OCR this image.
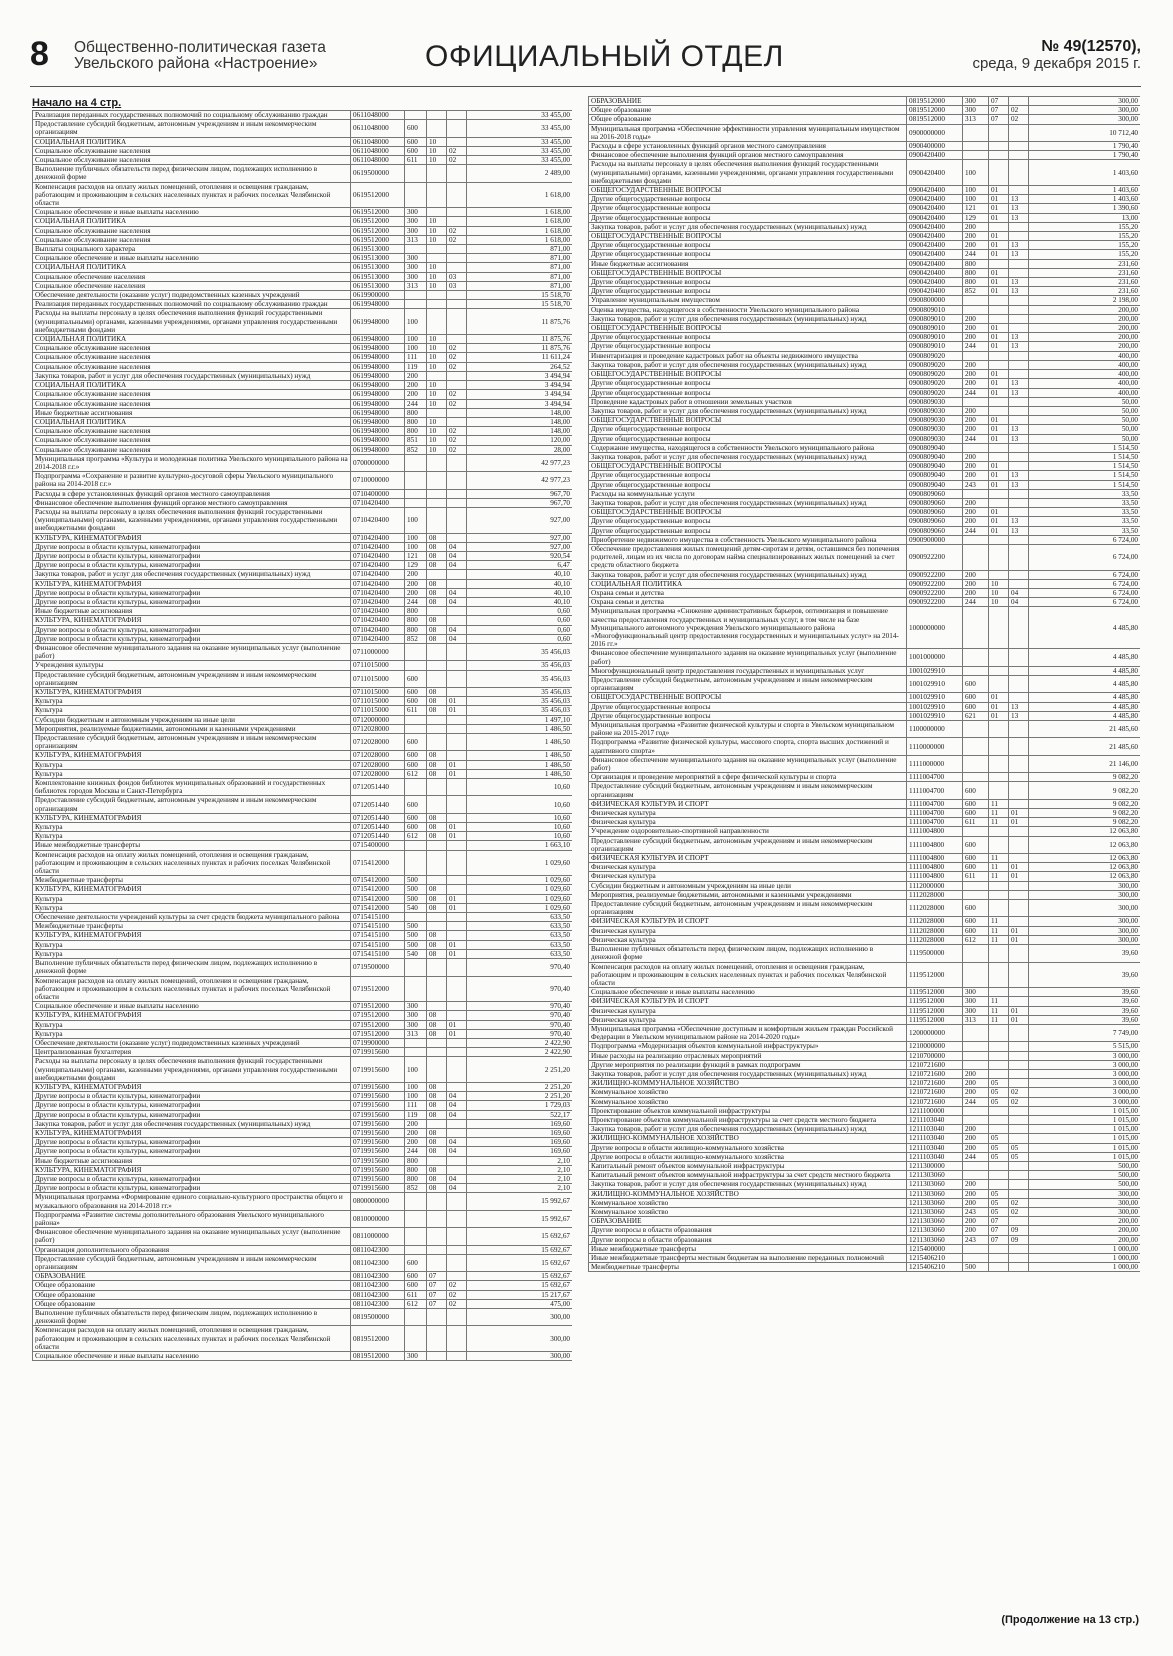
8 Общественно-политическая газета
Увельского района «Настроение»	ОФИЦИАЛЬНЫЙ ОТДЕЛ	№ 49(12570),
среда, 9 декабря 2015 г.
Начало на 4 стр.
Реализация переданных государственных полномочий по социальному обслуживанию граждан	0611048000				33 455,00
Предоставление субсидий бюджетным, автономным учреждениям и иным некоммерческим организациям	0611048000	600			33 455,00
СОЦИАЛЬНАЯ ПОЛИТИКА	0611048000	600	10		33 455,00
Социальное обслуживание населения	0611048000	600	10	02	33 455,00
Социальное обслуживание населения	0611048000	611	10	02	33 455,00
Выполнение публичных обязательств перед физическим лицом, подлежащих исполнению в денежной форме	0619500000				2 489,00
Компенсация расходов на оплату жилых помещений, отопления и освещения гражданам, работающим и проживающим в сельских населенных пунктах и рабочих поселках Челябинской области	0619512000				1 618,00
Социальное обеспечение и иные выплаты населению	0619512000	300			1 618,00
СОЦИАЛЬНАЯ ПОЛИТИКА	0619512000	300	10		1 618,00
Социальное обслуживание населения	0619512000	300	10	02	1 618,00
Социальное обслуживание населения	0619512000	313	10	02	1 618,00
Выплаты социального характера	0619513000				871,00
Социальное обеспечение и иные выплаты населению	0619513000	300			871,00
СОЦИАЛЬНАЯ ПОЛИТИКА	0619513000	300	10		871,00
Социальное обеспечение населения	0619513000	300	10	03	871,00
Социальное обеспечение населения	0619513000	313	10	03	871,00
Обеспечение деятельности (оказание услуг) подведомственных казенных учреждений	0619900000				15 518,70
Реализация переданных государственных полномочий по социальному обслуживанию граждан	0619948000				15 518,70
Расходы на выплаты персоналу в целях обеспечения выполнения функций государственными (муниципальными) органами, казенными учреждениями, органами управления государственными внебюджетными фондами	0619948000	100			11 875,76
СОЦИАЛЬНАЯ ПОЛИТИКА	0619948000	100	10		11 875,76
Социальное обслуживание населения	0619948000	100	10	02	11 875,76
Социальное обслуживание населения	0619948000	111	10	02	11 611,24
Социальное обслуживание населения	0619948000	119	10	02	264,52
Закупка товаров, работ и услуг для обеспечения государственных (муниципальных) нужд	0619948000	200			3 494,94
СОЦИАЛЬНАЯ ПОЛИТИКА	0619948000	200	10		3 494,94
Социальное обслуживание населения	0619948000	200	10	02	3 494,94
Социальное обслуживание населения	0619948000	244	10	02	3 494,94
Иные бюджетные ассигнования	0619948000	800			148,00
СОЦИАЛЬНАЯ ПОЛИТИКА	0619948000	800	10		148,00
Социальное обслуживание населения	0619948000	800	10	02	148,00
Социальное обслуживание населения	0619948000	851	10	02	120,00
Социальное обслуживание населения	0619948000	852	10	02	28,00
Муниципальная программа «Культура и молодежная политика Увельского муниципального района на 2014-2018 г.г.»	0700000000				42 977,23
Подпрограмма «Сохранение и развитие культурно-досуговой сферы Увельского муниципального района на 2014-2018 г.г.»	0710000000				42 977,23
Расходы в сфере установленных функций органов местного самоуправления	0710400000				967,70
Финансовое обеспечение выполнения функций органов местного самоуправления	0710420400				967,70
Расходы на выплаты персоналу в целях обеспечения выполнения функций государственными (муниципальными) органами, казенными учреждениями, органами управления государственными внебюджетными фондами	0710420400	100			927,00
КУЛЬТУРА, КИНЕМАТОГРАФИЯ	0710420400	100	08		927,00
Другие вопросы в области культуры, кинематографии	0710420400	100	08	04	927,00
Другие вопросы в области культуры, кинематографии	0710420400	121	08	04	920,54
Другие вопросы в области культуры, кинематографии	0710420400	129	08	04	6,47
Закупка товаров, работ и услуг для обеспечения государственных (муниципальных) нужд	0710420400	200			40,10
КУЛЬТУРА, КИНЕМАТОГРАФИЯ	0710420400	200	08		40,10
Другие вопросы в области культуры, кинематографии	0710420400	200	08	04	40,10
Другие вопросы в области культуры, кинематографии	0710420400	244	08	04	40,10
Иные бюджетные ассигнования	0710420400	800			0,60
КУЛЬТУРА, КИНЕМАТОГРАФИЯ	0710420400	800	08		0,60
Другие вопросы в области культуры, кинематографии	0710420400	800	08	04	0,60
Другие вопросы в области культуры, кинематографии	0710420400	852	08	04	0,60
Финансовое обеспечение муниципального задания на оказание муниципальных услуг (выполнение работ)	0711000000				35 456,03
Учреждения культуры	0711015000				35 456,03
Предоставление субсидий бюджетным, автономным учреждениям и иным некоммерческим организациям	0711015000	600			35 456,03
КУЛЬТУРА, КИНЕМАТОГРАФИЯ	0711015000	600	08		35 456,03
Культура	0711015000	600	08	01	35 456,03
Культура	0711015000	611	08	01	35 456,03
Субсидии бюджетным и автономным учреждениям на иные цели	0712000000				1 497,10
Мероприятия, реализуемые бюджетными, автономными и казенными учреждениями	0712028000				1 486,50
Предоставление субсидий бюджетным, автономным учреждениям и иным некоммерческим организациям	0712028000	600			1 486,50
КУЛЬТУРА, КИНЕМАТОГРАФИЯ	0712028000	600	08		1 486,50
Культура	0712028000	600	08	01	1 486,50
Культура	0712028000	612	08	01	1 486,50
Комплектование книжных фондов библиотек муниципальных образований и государственных библиотек городов Москвы и Санкт-Петербурга	0712051440				10,60
Предоставление субсидий бюджетным, автономным учреждениям и иным некоммерческим организациям	0712051440	600			10,60
КУЛЬТУРА, КИНЕМАТОГРАФИЯ	0712051440	600	08		10,60
Культура	0712051440	600	08	01	10,60
Культура	0712051440	612	08	01	10,60
Иные межбюджетные трансферты	0715400000				1 663,10
Компенсация расходов на оплату жилых помещений, отопления и освещения гражданам, работающим и проживающим в сельских населенных пунктах и рабочих поселках Челябинской области	0715412000				1 029,60
Межбюджетные трансферты	0715412000	500			1 029,60
КУЛЬТУРА, КИНЕМАТОГРАФИЯ	0715412000	500	08		1 029,60
Культура	0715412000	500	08	01	1 029,60
Культура	0715412000	540	08	01	1 029,60
Обеспечение деятельности учреждений культуры за счет средств бюджета муниципального района	0715415100				633,50
Межбюджетные трансферты	0715415100	500			633,50
КУЛЬТУРА, КИНЕМАТОГРАФИЯ	0715415100	500	08		633,50
Культура	0715415100	500	08	01	633,50
Культура	0715415100	540	08	01	633,50
Выполнение публичных обязательств перед физическим лицом, подлежащих исполнению в денежной форме	0719500000				970,40
Компенсация расходов на оплату жилых помещений, отопления и освещения гражданам, работающим и проживающим в сельских населенных пунктах и рабочих поселках Челябинской области	0719512000				970,40
Социальное обеспечение и иные выплаты населению	0719512000	300			970,40
КУЛЬТУРА, КИНЕМАТОГРАФИЯ	0719512000	300	08		970,40
Культура	0719512000	300	08	01	970,40
Культура	0719512000	313	08	01	970,40
Обеспечение деятельности (оказание услуг) подведомственных казенных учреждений	0719900000				2 422,90
Централизованная бухгалтерия	0719915600				2 422,90
Расходы на выплаты персоналу в целях обеспечения выполнения функций государственными (муниципальными) органами, казенными учреждениями, органами управления государственными внебюджетными фондами	0719915600	100			2 251,20
КУЛЬТУРА, КИНЕМАТОГРАФИЯ	0719915600	100	08		2 251,20
Другие вопросы в области культуры, кинематографии	0719915600	100	08	04	2 251,20
Другие вопросы в области культуры, кинематографии	0719915600	111	08	04	1 729,03
Другие вопросы в области культуры, кинематографии	0719915600	119	08	04	522,17
Закупка товаров, работ и услуг для обеспечения государственных (муниципальных) нужд	0719915600	200			169,60
КУЛЬТУРА, КИНЕМАТОГРАФИЯ	0719915600	200	08		169,60
Другие вопросы в области культуры, кинематографии	0719915600	200	08	04	169,60
Другие вопросы в области культуры, кинематографии	0719915600	244	08	04	169,60
Иные бюджетные ассигнования	0719915600	800			2,10
КУЛЬТУРА, КИНЕМАТОГРАФИЯ	0719915600	800	08		2,10
Другие вопросы в области культуры, кинематографии	0719915600	800	08	04	2,10
Другие вопросы в области культуры, кинематографии	0719915600	852	08	04	2,10
Муниципальная программа «Формирование единого социально-культурного пространства общего и музыкального образования на 2014-2018 гг.»	0800000000				15 992,67
Подпрограмма «Развитие системы дополнительного образования Увельского муниципального района»	0810000000				15 992,67
Финансовое обеспечение муниципального задания на оказание муниципальных услуг (выполнение работ)	0811000000				15 692,67
Организация дополнительного образования	0811042300				15 692,67
Предоставление субсидий бюджетным, автономным учреждениям и иным некоммерческим организациям	0811042300	600			15 692,67
ОБРАЗОВАНИЕ	0811042300	600	07		15 692,67
Общее образование	0811042300	600	07	02	15 692,67
Общее образование	0811042300	611	07	02	15 217,67
Общее образование	0811042300	612	07	02	475,00
Выполнение публичных обязательств перед физическим лицом, подлежащих исполнению в денежной форме	0819500000				300,00
Компенсация расходов на оплату жилых помещений, отопления и освещения гражданам, работающим и проживающим в сельских населенных пунктах и рабочих поселках Челябинской области	0819512000				300,00
Социальное обеспечение и иные выплаты населению	0819512000	300			300,00
ОБРАЗОВАНИЕ	0819512000	300	07		300,00
Общее образование	0819512000	300	07	02	300,00
Общее образование	0819512000	313	07	02	300,00
Муниципальная программа «Обеспечение эффективности управления муниципальным имуществом на 2016-2018 годы»	0900000000				10 712,40
Расходы в сфере установленных функций органов местного самоуправления	0900400000				1 790,40
Финансовое обеспечение выполнения функций органов местного самоуправления	0900420400				1 790,40
Расходы на выплаты персоналу в целях обеспечения выполнения функций государственными (муниципальными) органами, казенными учреждениями, органами управления государственными внебюджетными фондами	0900420400	100			1 403,60
ОБЩЕГОСУДАРСТВЕННЫЕ ВОПРОСЫ	0900420400	100	01		1 403,60
Другие общегосударственные вопросы	0900420400	100	01	13	1 403,60
Другие общегосударственные вопросы	0900420400	121	01	13	1 390,60
Другие общегосударственные вопросы	0900420400	129	01	13	13,00
Закупка товаров, работ и услуг для обеспечения государственных (муниципальных) нужд	0900420400	200			155,20
ОБЩЕГОСУДАРСТВЕННЫЕ ВОПРОСЫ	0900420400	200	01		155,20
Другие общегосударственные вопросы	0900420400	200	01	13	155,20
Другие общегосударственные вопросы	0900420400	244	01	13	155,20
Иные бюджетные ассигнования	0900420400	800			231,60
ОБЩЕГОСУДАРСТВЕННЫЕ ВОПРОСЫ	0900420400	800	01		231,60
Другие общегосударственные вопросы	0900420400	800	01	13	231,60
Другие общегосударственные вопросы	0900420400	852	01	13	231,60
Управление муниципальным имуществом	0900800000				2 198,00
Оценка имущества, находящегося в собственности Увельского муниципального района	0900809010				200,00
Закупка товаров, работ и услуг для обеспечения государственных (муниципальных) нужд	0900809010	200			200,00
ОБЩЕГОСУДАРСТВЕННЫЕ ВОПРОСЫ	0900809010	200	01		200,00
Другие общегосударственные вопросы	0900809010	200	01	13	200,00
Другие общегосударственные вопросы	0900809010	244	01	13	200,00
Инвентаризация и проведение кадастровых работ на объекты недвижимого имущества	0900809020				400,00
Закупка товаров, работ и услуг для обеспечения государственных (муниципальных) нужд	0900809020	200			400,00
ОБЩЕГОСУДАРСТВЕННЫЕ ВОПРОСЫ	0900809020	200	01		400,00
Другие общегосударственные вопросы	0900809020	200	01	13	400,00
Другие общегосударственные вопросы	0900809020	244	01	13	400,00
Проведение кадастровых работ в отношении земельных участков	0900809030				50,00
Закупка товаров, работ и услуг для обеспечения государственных (муниципальных) нужд	0900809030	200			50,00
ОБЩЕГОСУДАРСТВЕННЫЕ ВОПРОСЫ	0900809030	200	01		50,00
Другие общегосударственные вопросы	0900809030	200	01	13	50,00
Другие общегосударственные вопросы	0900809030	244	01	13	50,00
Содержание имущества, находящегося в собственности Увельского муниципального района	0900809040				1 514,50
Закупка товаров, работ и услуг для обеспечения государственных (муниципальных) нужд	0900809040	200			1 514,50
ОБЩЕГОСУДАРСТВЕННЫЕ ВОПРОСЫ	0900809040	200	01		1 514,50
Другие общегосударственные вопросы	0900809040	200	01	13	1 514,50
Другие общегосударственные вопросы	0900809040	243	01	13	1 514,50
Расходы на коммунальные услуги	0900809060				33,50
Закупка товаров, работ и услуг для обеспечения государственных (муниципальных) нужд	0900809060	200			33,50
ОБЩЕГОСУДАРСТВЕННЫЕ ВОПРОСЫ	0900809060	200	01		33,50
Другие общегосударственные вопросы	0900809060	200	01	13	33,50
Другие общегосударственные вопросы	0900809060	244	01	13	33,50
Приобретение недвижимого имущества в собственность Увельского муниципального района	0900900000				6 724,00
Обеспечение предоставления жилых помещений детям-сиротам и детям, оставшимся без попечения родителей, лицам из их числа по договорам найма специализированных жилых помещений за счет средств областного бюджета	0900922200				6 724,00
Закупка товаров, работ и услуг для обеспечения государственных (муниципальных) нужд	0900922200	200			6 724,00
СОЦИАЛЬНАЯ ПОЛИТИКА	0900922200	200	10		6 724,00
Охрана семьи и детства	0900922200	200	10	04	6 724,00
Охрана семьи и детства	0900922200	244	10	04	6 724,00
Муниципальная программа «Снижение административных барьеров, оптимизация и повышение качества предоставления государственных и муниципальных услуг, в том числе на базе Муниципального автономного учреждения Увельского муниципального района «Многофункциональный центр предоставления государственных и муниципальных услуг» на 2014-2016 гг.»	1000000000				4 485,80
Финансовое обеспечение муниципального задания на оказание муниципальных услуг (выполнение работ)	1001000000				4 485,80
Многофункциональный центр предоставления государственных и муниципальных услуг	1001029910				4 485,80
Предоставление субсидий бюджетным, автономным учреждениям и иным некоммерческим организациям	1001029910	600			4 485,80
ОБЩЕГОСУДАРСТВЕННЫЕ ВОПРОСЫ	1001029910	600	01		4 485,80
Другие общегосударственные вопросы	1001029910	600	01	13	4 485,80
Другие общегосударственные вопросы	1001029910	621	01	13	4 485,80
Муниципальная программа «Развитие физической культуры и спорта в Увельском муниципальном районе на 2015-2017 год»	1100000000				21 485,60
Подпрограмма «Развитие физической культуры, массового спорта, спорта высших достижений и адаптивного спорта»	1110000000				21 485,60
Финансовое обеспечение муниципального задания на оказание муниципальных услуг (выполнение работ)	1111000000				21 146,00
Организация и проведение мероприятий в сфере физической культуры и спорта	1111004700				9 082,20
Предоставление субсидий бюджетным, автономным учреждениям и иным некоммерческим организациям	1111004700	600			9 082,20
ФИЗИЧЕСКАЯ КУЛЬТУРА И СПОРТ	1111004700	600	11		9 082,20
Физическая культура	1111004700	600	11	01	9 082,20
Физическая культура	1111004700	611	11	01	9 082,20
Учреждение оздоровительно-спортивной направленности	1111004800				12 063,80
Предоставление субсидий бюджетным, автономным учреждениям и иным некоммерческим организациям	1111004800	600			12 063,80
ФИЗИЧЕСКАЯ КУЛЬТУРА И СПОРТ	1111004800	600	11		12 063,80
Физическая культура	1111004800	600	11	01	12 063,80
Физическая культура	1111004800	611	11	01	12 063,80
Субсидии бюджетным и автономным учреждениям на иные цели	1112000000				300,00
Мероприятия, реализуемые бюджетными, автономными и казенными учреждениями	1112028000				300,00
Предоставление субсидий бюджетным, автономным учреждениям и иным некоммерческим организациям	1112028000	600			300,00
ФИЗИЧЕСКАЯ КУЛЬТУРА И СПОРТ	1112028000	600	11		300,00
Физическая культура	1112028000	600	11	01	300,00
Физическая культура	1112028000	612	11	01	300,00
Выполнение публичных обязательств перед физическим лицом, подлежащих исполнению в денежной форме	1119500000				39,60
Компенсация расходов на оплату жилых помещений, отопления и освещения гражданам, работающим и проживающим в сельских населенных пунктах и рабочих поселках Челябинской области	1119512000				39,60
Социальное обеспечение и иные выплаты населению	1119512000	300			39,60
ФИЗИЧЕСКАЯ КУЛЬТУРА И СПОРТ	1119512000	300	11		39,60
Физическая культура	1119512000	300	11	01	39,60
Физическая культура	1119512000	313	11	01	39,60
Муниципальная программа «Обеспечение доступным и комфортным жильем граждан Российской Федерации в Увельском муниципальном районе на 2014-2020 годы»	1200000000				7 749,00
Подпрограмма «Модернизация объектов коммунальной инфраструктуры»	1210000000				5 515,00
Иные расходы на реализацию отраслевых мероприятий	1210700000				3 000,00
Другие мероприятия по реализации функций в рамках подпрограмм	1210721600				3 000,00
Закупка товаров, работ и услуг для обеспечения государственных (муниципальных) нужд	1210721600	200			3 000,00
ЖИЛИЩНО-КОММУНАЛЬНОЕ ХОЗЯЙСТВО	1210721600	200	05		3 000,00
Коммунальное хозяйство	1210721600	200	05	02	3 000,00
Коммунальное хозяйство	1210721600	244	05	02	3 000,00
Проектирование объектов коммунальной инфраструктуры	1211100000				1 015,00
Проектирование объектов коммунальной инфраструктуры за счет средств местного бюджета	1211103040				1 015,00
Закупка товаров, работ и услуг для обеспечения государственных (муниципальных) нужд	1211103040	200			1 015,00
ЖИЛИЩНО-КОММУНАЛЬНОЕ ХОЗЯЙСТВО	1211103040	200	05		1 015,00
Другие вопросы в области жилищно-коммунального хозяйства	1211103040	200	05	05	1 015,00
Другие вопросы в области жилищно-коммунального хозяйства	1211103040	244	05	05	1 015,00
Капитальный ремонт объектов коммунальной инфраструктуры	1211300000				500,00
Капитальный ремонт объектов коммунальной инфраструктуры за счет средств местного бюджета	1211303060				500,00
Закупка товаров, работ и услуг для обеспечения государственных (муниципальных) нужд	1211303060	200			500,00
ЖИЛИЩНО-КОММУНАЛЬНОЕ ХОЗЯЙСТВО	1211303060	200	05		300,00
Коммунальное хозяйство	1211303060	200	05	02	300,00
Коммунальное хозяйство	1211303060	243	05	02	300,00
ОБРАЗОВАНИЕ	1211303060	200	07		200,00
Другие вопросы в области образования	1211303060	200	07	09	200,00
Другие вопросы в области образования	1211303060	243	07	09	200,00
Иные межбюджетные трансферты	1215400000				1 000,00
Иные межбюджетные трансферты местным бюджетам на выполнение переданных полномочий	1215406210				1 000,00
Межбюджетные трансферты	1215406210	500			1 000,00
(Продолжение на 13 стр.)
